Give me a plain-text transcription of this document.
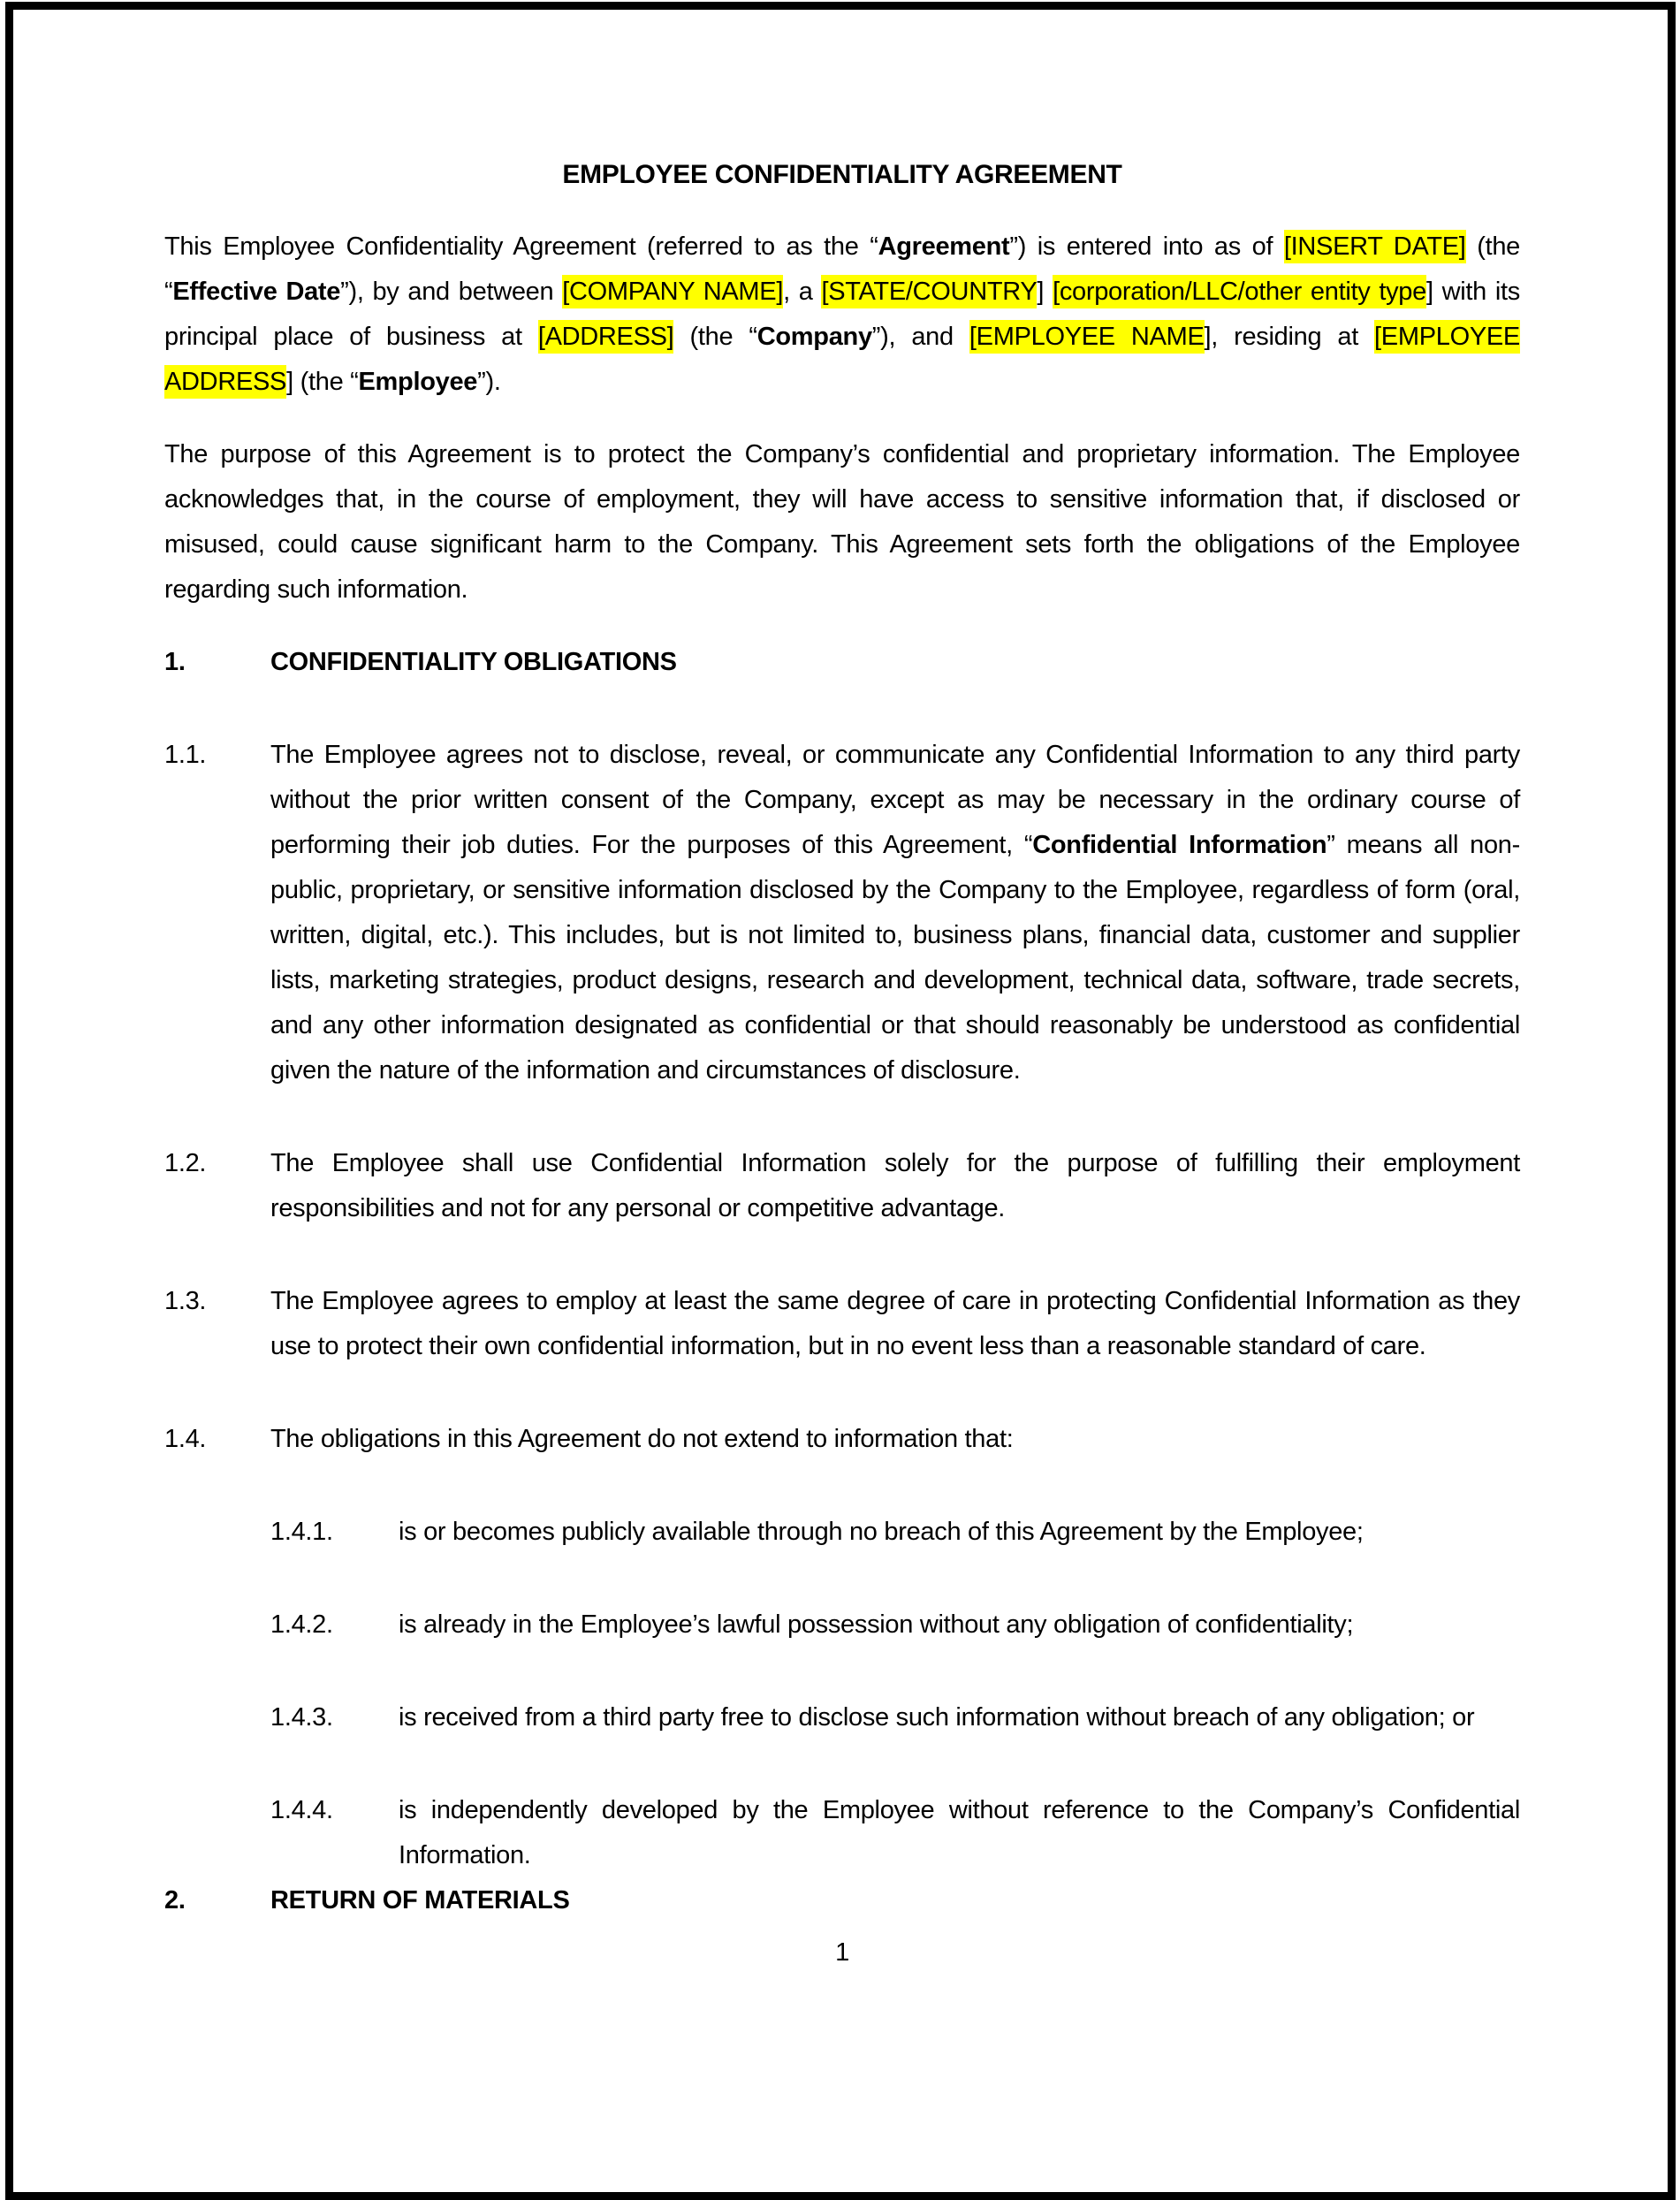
EMPLOYEE CONFIDENTIALITY AGREEMENT

This Employee Confidentiality Agreement (referred to as the “Agreement”) is entered into as of [INSERT DATE] (the “Effective Date”), by and between [COMPANY NAME], a [STATE/COUNTRY] [corporation/LLC/other entity type] with its principal place of business at [ADDRESS] (the “Company”), and [EMPLOYEE NAME], residing at [EMPLOYEE ADDRESS] (the “Employee”).

The purpose of this Agreement is to protect the Company’s confidential and proprietary information. The Employee acknowledges that, in the course of employment, they will have access to sensitive information that, if disclosed or misused, could cause significant harm to the Company. This Agreement sets forth the obligations of the Employee regarding such information.

1.	CONFIDENTIALITY OBLIGATIONS
1.1.	The Employee agrees not to disclose, reveal, or communicate any Confidential Information to any third party without the prior written consent of the Company, except as may be necessary in the ordinary course of performing their job duties. For the purposes of this Agreement, “Confidential Information” means all non-public, proprietary, or sensitive information disclosed by the Company to the Employee, regardless of form (oral, written, digital, etc.). This includes, but is not limited to, business plans, financial data, customer and supplier lists, marketing strategies, product designs, research and development, technical data, software, trade secrets, and any other information designated as confidential or that should reasonably be understood as confidential given the nature of the information and circumstances of disclosure.

1.2.	The Employee shall use Confidential Information solely for the purpose of fulfilling their employment responsibilities and not for any personal or competitive advantage.

1.3.	The Employee agrees to employ at least the same degree of care in protecting Confidential Information as they use to protect their own confidential information, but in no event less than a reasonable standard of care.

1.4.	The obligations in this Agreement do not extend to information that:

1.4.1.	is or becomes publicly available through no breach of this Agreement by the Employee;

1.4.2.	is already in the Employee’s lawful possession without any obligation of confidentiality;

1.4.3.	is received from a third party free to disclose such information without breach of any obligation; or

1.4.4.	is independently developed by the Employee without reference to the Company’s Confidential Information.

2.	RETURN OF MATERIALS
1
